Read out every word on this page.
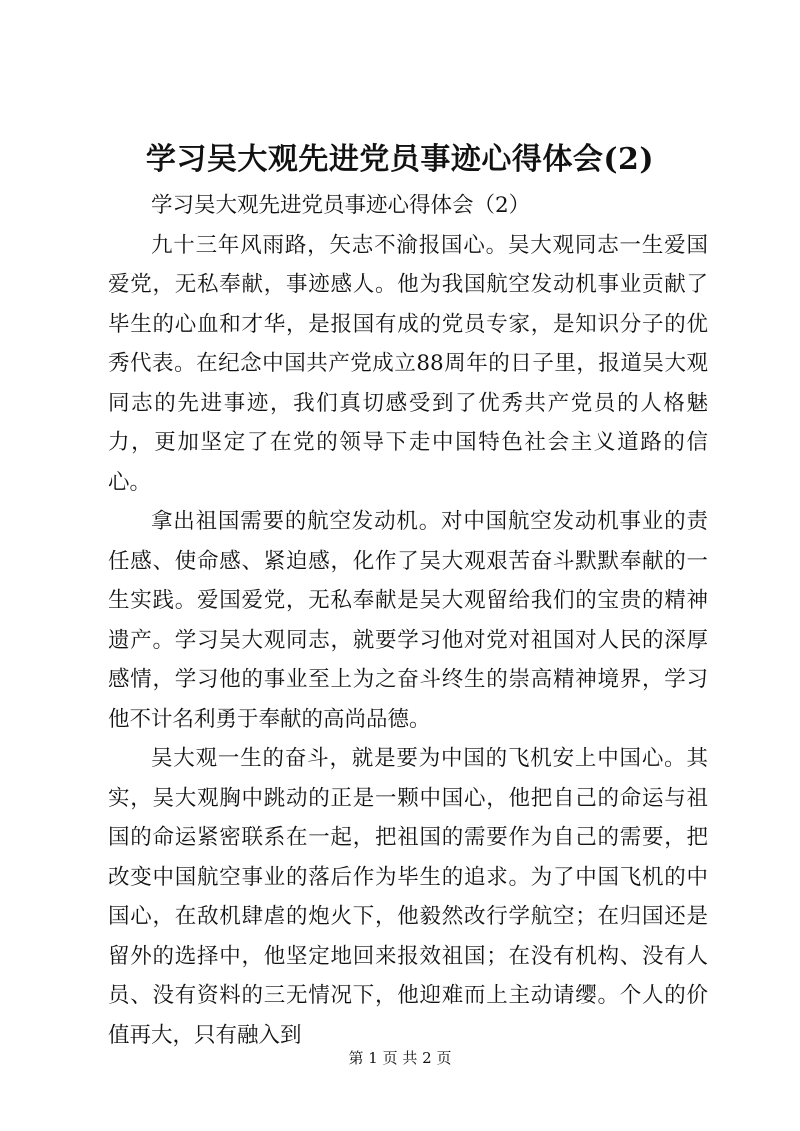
学习吴大观先进党员事迹心得体会(2)

学习吴大观先进党员事迹心得体会（2）

九十三年风雨路，矢志不渝报国心。吴大观同志一生爱国爱党，无私奉献，事迹感人。他为我国航空发动机事业贡献了毕生的心血和才华，是报国有成的党员专家，是知识分子的优秀代表。在纪念中国共产党成立88周年的日子里，报道吴大观同志的先进事迹，我们真切感受到了优秀共产党员的人格魅力，更加坚定了在党的领导下走中国特色社会主义道路的信心。

拿出祖国需要的航空发动机。对中国航空发动机事业的责任感、使命感、紧迫感，化作了吴大观艰苦奋斗默默奉献的一生实践。爱国爱党，无私奉献是吴大观留给我们的宝贵的精神遗产。学习吴大观同志，就要学习他对党对祖国对人民的深厚感情，学习他的事业至上为之奋斗终生的崇高精神境界，学习他不计名利勇于奉献的高尚品德。

吴大观一生的奋斗，就是要为中国的飞机安上中国心。其实，吴大观胸中跳动的正是一颗中国心，他把自己的命运与祖国的命运紧密联系在一起，把祖国的需要作为自己的需要，把改变中国航空事业的落后作为毕生的追求。为了中国飞机的中国心，在敌机肆虐的炮火下，他毅然改行学航空；在归国还是留外的选择中，他坚定地回来报效祖国；在没有机构、没有人员、没有资料的三无情况下，他迎难而上主动请缨。个人的价值再大，只有融入到

第 1 页 共 2 页
